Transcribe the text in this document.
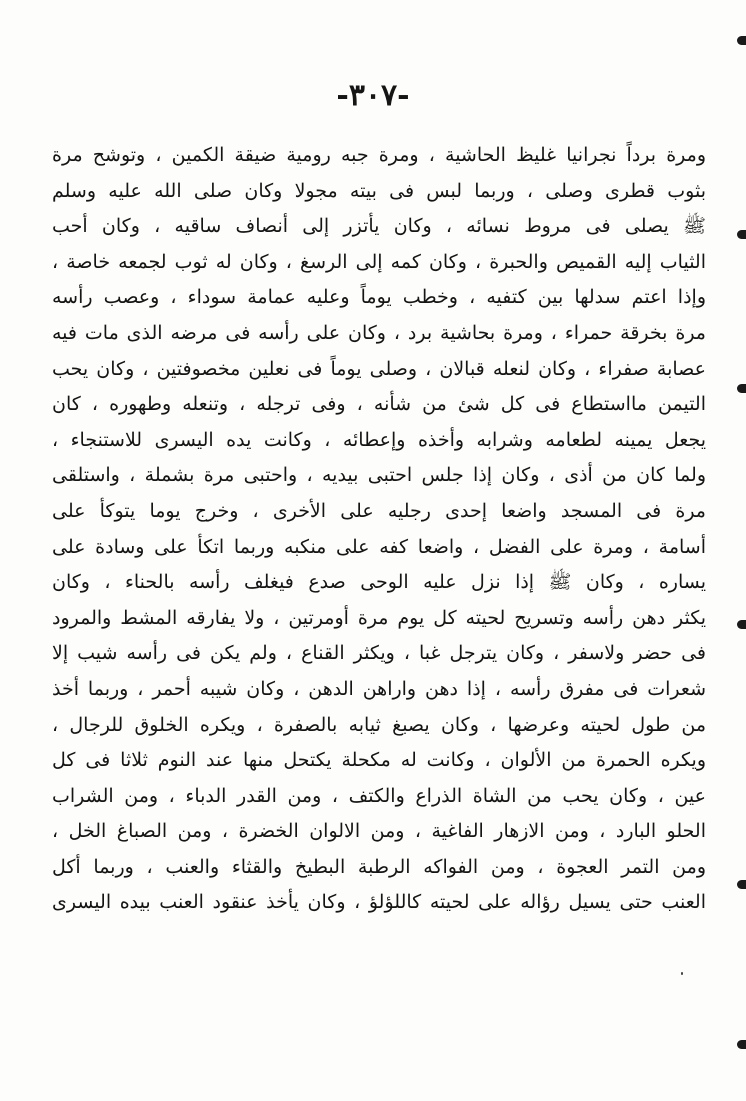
-٣٠٧-
ومرة برداً نجرانيا غليظ الحاشية ، ومرة جبه رومية ضيقة الكمين ، وتوشح مرة
بثوب قطرى وصلى ، وربما لبس فى بيته مجولا وكان صلى الله عليه وسلم
ﷺ يصلى فى مروط نسائه ، وكان يأتزر إلى أنصاف ساقيه ، وكان أحب
الثياب إليه القميص والحبرة ، وكان كمه إلى الرسغ ، وكان له ثوب لجمعه خاصة ،
وإذا اعتم سدلها بين كتفيه ، وخطب يوماً وعليه عمامة سوداء ، وعصب رأسه
مرة بخرقة حمراء ، ومرة بحاشية برد ، وكان على رأسه فى مرضه الذى مات فيه
عصابة صفراء ، وكان لنعله قبالان ، وصلى يوماً فى نعلين مخصوفتين ، وكان يحب
التيمن مااستطاع فى كل شئ من شأنه ، وفى ترجله ، وتنعله وطهوره ، كان
يجعل يمينه لطعامه وشرابه وأخذه وإعطائه ، وكانت يده اليسرى للاستنجاء ،
ولما كان من أذى ، وكان إذا جلس احتبى بيديه ، واحتبى مرة بشملة ، واستلقى
مرة فى المسجد واضعا إحدى رجليه على الأخرى ، وخرج يوما يتوكأ على
أسامة ، ومرة على الفضل ، واضعا كفه على منكبه وربما اتكأ على وسادة على
يساره ، وكان ﷺ إذا نزل عليه الوحى صدع فيغلف رأسه بالحناء ، وكان
يكثر دهن رأسه وتسريح لحيته كل يوم مرة أومرتين ، ولا يفارقه المشط والمرود
فى حضر ولاسفر ، وكان يترجل غبا ، ويكثر القناع ، ولم يكن فى رأسه شيب إلا
شعرات فى مفرق رأسه ، إذا دهن واراهن الدهن ، وكان شيبه أحمر ، وربما أخذ
من طول لحيته وعرضها ، وكان يصبغ ثيابه بالصفرة ، ويكره الخلوق للرجال ،
ويكره الحمرة من الألوان ، وكانت له مكحلة يكتحل منها عند النوم ثلاثا فى كل
عين ، وكان يحب من الشاة الذراع والكتف ، ومن القدر الدباء ، ومن الشراب
الحلو البارد ، ومن الازهار الفاغية ، ومن الالوان الخضرة ، ومن الصباغ الخل ،
ومن التمر العجوة ، ومن الفواكه الرطبة البطيخ والقثاء والعنب ، وربما أكل
العنب حتى يسيل رؤاله على لحيته كاللؤلؤ ، وكان يأخذ عنقود العنب بيده اليسرى
